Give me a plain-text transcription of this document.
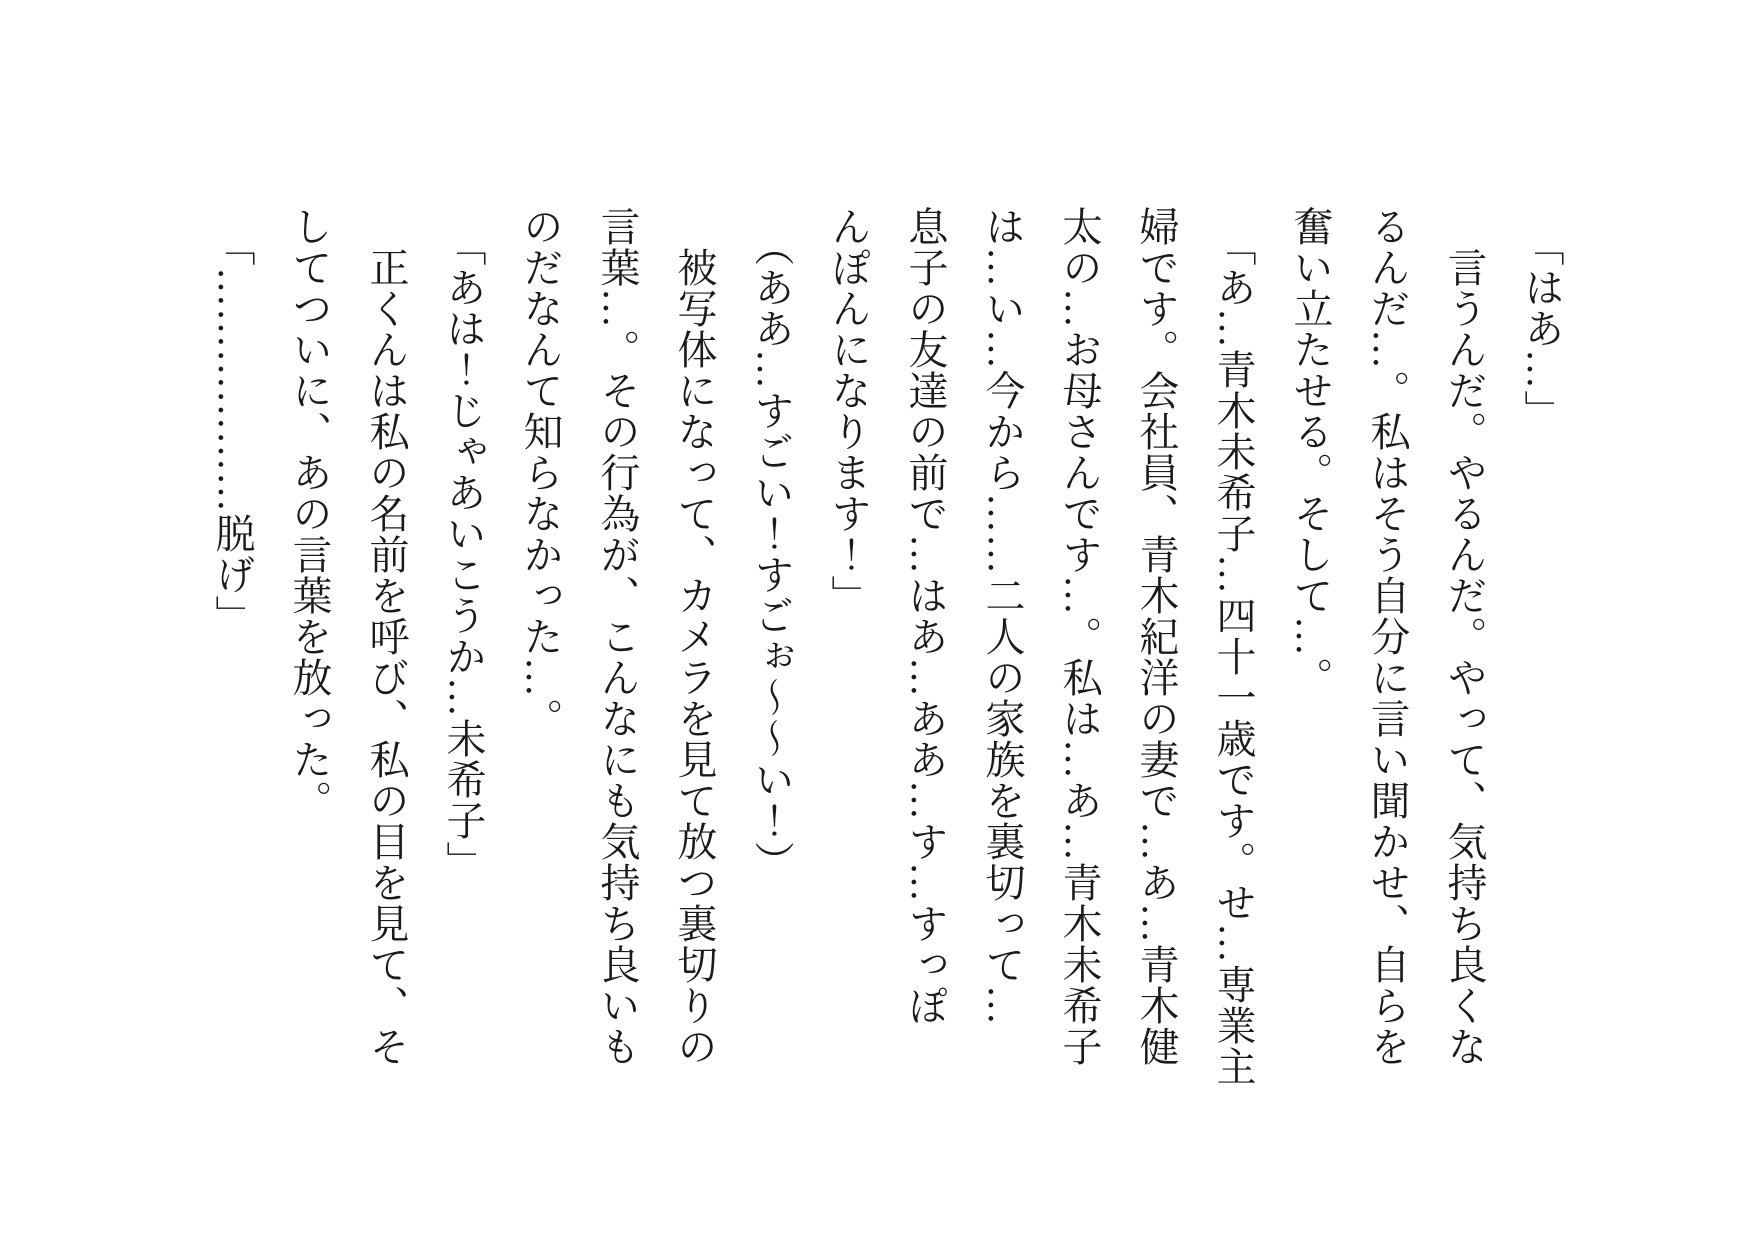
「はあ…」
言うんだ。やるんだ。やって、気持ち良くな
るんだ…。私はそう自分に言い聞かせ、自らを
奮い立たせる。そして…。
「あ…青木未希子…四十一歳です。せ…専業主
婦です。会社員、青木紀洋の妻で…あ…青木健
太の…お母さんです…。私は…あ…青木未希子
は…い…今から……二人の家族を裏切って…
息子の友達の前で…はあ…ああ…す…すっぽ
んぽんになります！」
（ああ…すごい！すごぉ〜〜い！）
被写体になって、カメラを見て放つ裏切りの
言葉…。その行為が、こんなにも気持ち良いも
のだなんて知らなかった…。
「あは！じゃあいこうか…未希子」
正くんは私の名前を呼び、私の目を見て、そ
してついに、あの言葉を放った。
「………………脱げ」
